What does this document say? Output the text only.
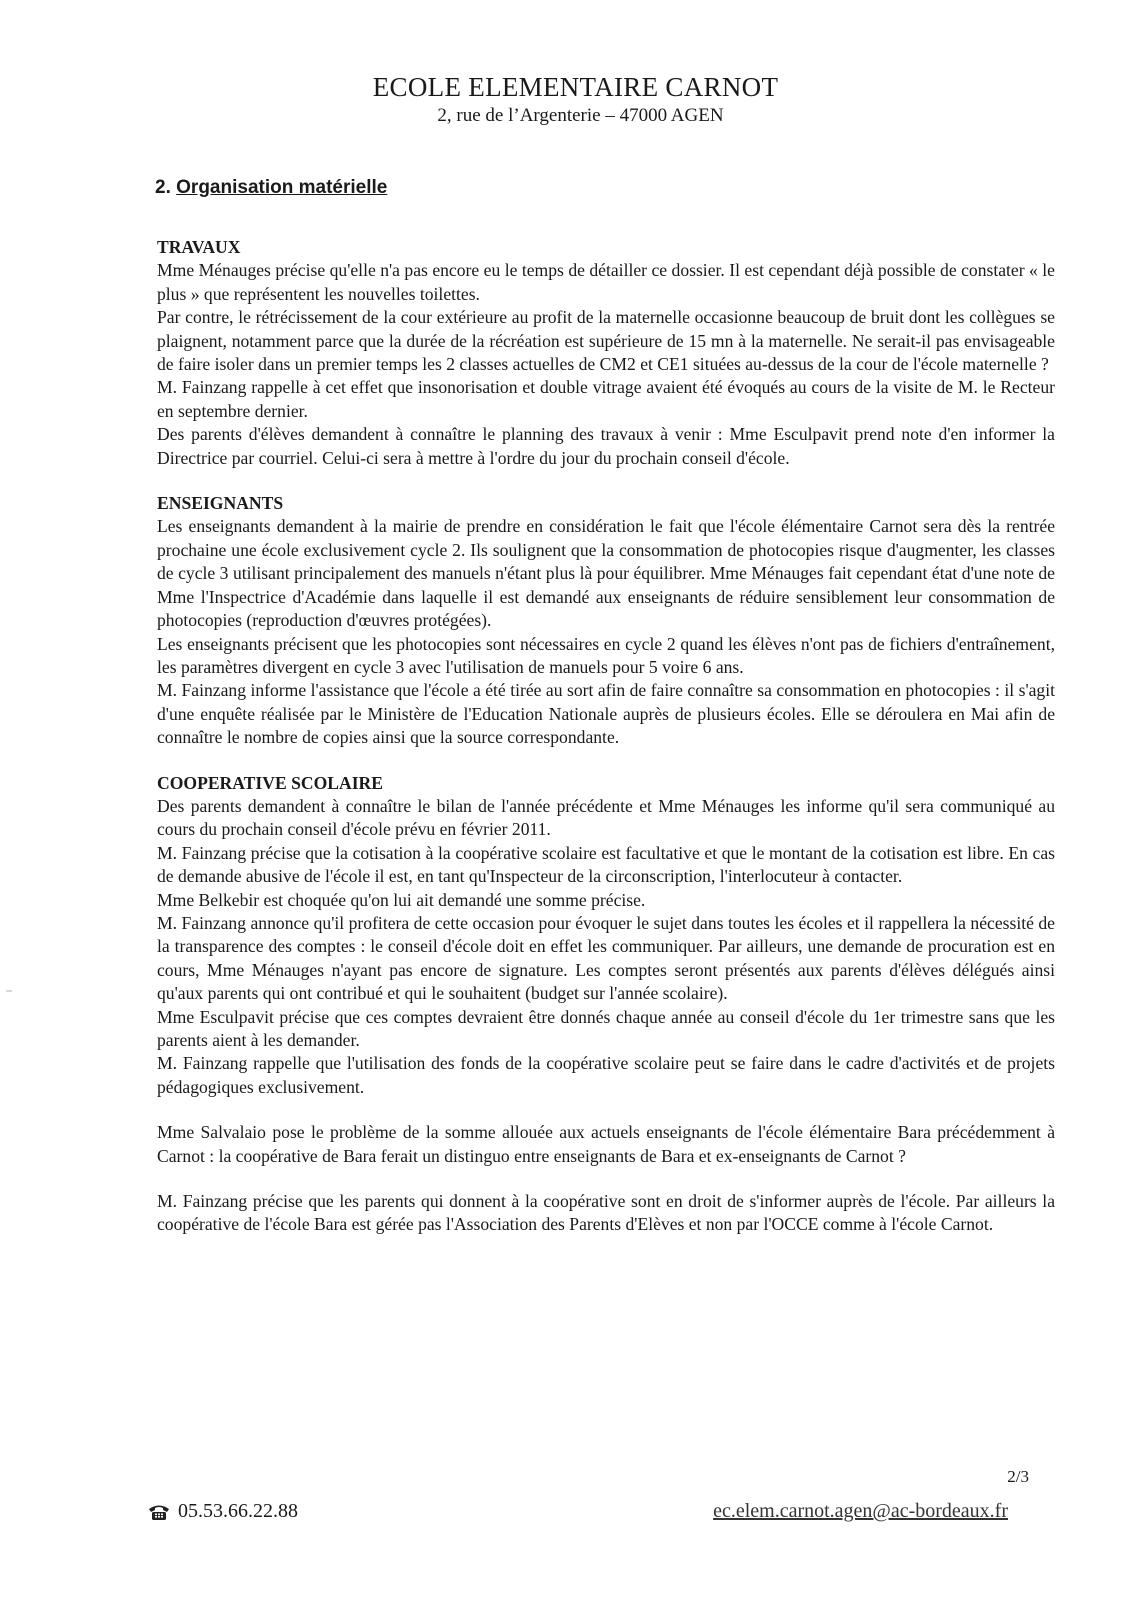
ECOLE ELEMENTAIRE CARNOT
2, rue de l’Argenterie – 47000 AGEN
2. Organisation matérielle
TRAVAUX

Mme Ménauges précise qu'elle n'a pas encore eu le temps de détailler ce dossier. Il est cependant déjà possible de constater « le plus » que représentent les nouvelles toilettes.

Par contre, le rétrécissement de la cour extérieure au profit de la maternelle occasionne beaucoup de bruit dont les collègues se plaignent, notamment parce que la durée de la récréation est supérieure de 15 mn à la maternelle. Ne serait-il pas envisageable de faire isoler dans un premier temps les 2 classes actuelles de CM2 et CE1 situées au-dessus de la cour de l'école maternelle ?

M. Fainzang rappelle à cet effet que insonorisation et double vitrage avaient été évoqués au cours de la visite de M. le Recteur en septembre dernier.

Des parents d'élèves demandent à connaître le planning des travaux à venir : Mme Esculpavit prend note d'en informer la Directrice par courriel. Celui-ci sera à mettre à l'ordre du jour du prochain conseil d'école.

ENSEIGNANTS

Les enseignants demandent à la mairie de prendre en considération le fait que l'école élémentaire Carnot sera dès la rentrée prochaine une école exclusivement cycle 2. Ils soulignent que la consommation de photocopies risque d'augmenter, les classes de cycle 3 utilisant principalement des manuels n'étant plus là pour équilibrer. Mme Ménauges fait cependant état d'une note de Mme l'Inspectrice d'Académie dans laquelle il est demandé aux enseignants de réduire sensiblement leur consommation de photocopies (reproduction d'œuvres protégées).

Les enseignants précisent que les photocopies sont nécessaires en cycle 2 quand les élèves n'ont pas de fichiers d'entraînement, les paramètres divergent en cycle 3 avec l'utilisation de manuels pour 5 voire 6 ans.

M. Fainzang informe l'assistance que l'école a été tirée au sort afin de faire connaître sa consommation en photocopies : il s'agit d'une enquête réalisée par le Ministère de l'Education Nationale auprès de plusieurs écoles. Elle se déroulera en Mai afin de connaître le nombre de copies ainsi que la source correspondante.

COOPERATIVE SCOLAIRE

Des parents demandent à connaître le bilan de l'année précédente et Mme Ménauges les informe qu'il sera communiqué au cours du prochain conseil d'école prévu en février 2011.

M. Fainzang précise que la cotisation à la coopérative scolaire est facultative et que le montant de la cotisation est libre. En cas de demande abusive de l'école il est, en tant qu'Inspecteur de la circonscription, l'interlocuteur à contacter.

Mme Belkebir est choquée qu'on lui ait demandé une somme précise.

M. Fainzang annonce qu'il profitera de cette occasion pour évoquer le sujet dans toutes les écoles et il rappellera la nécessité de la transparence des comptes : le conseil d'école doit en effet les communiquer. Par ailleurs, une demande de procuration est en cours, Mme Ménauges n'ayant pas encore de signature. Les comptes seront présentés aux parents d'élèves délégués ainsi qu'aux parents qui ont contribué et qui le souhaitent (budget sur l'année scolaire).

Mme Esculpavit précise que ces comptes devraient être donnés chaque année au conseil d'école du 1er trimestre sans que les parents aient à les demander.

M. Fainzang rappelle que l'utilisation des fonds de la coopérative scolaire peut se faire dans le cadre d'activités et de projets pédagogiques exclusivement.

Mme Salvalaio pose le problème de la somme allouée aux actuels enseignants de l'école élémentaire Bara précédemment à Carnot : la coopérative de Bara ferait un distinguo entre enseignants de Bara et ex-enseignants de Carnot ?

M. Fainzang précise que les parents qui donnent à la coopérative sont en droit de s'informer auprès de l'école. Par ailleurs la coopérative de l'école Bara est gérée pas l'Association des Parents d'Elèves et non par l'OCCE comme à l'école Carnot.

2/3
05.53.66.22.88	ec.elem.carnot.agen@ac-bordeaux.fr
